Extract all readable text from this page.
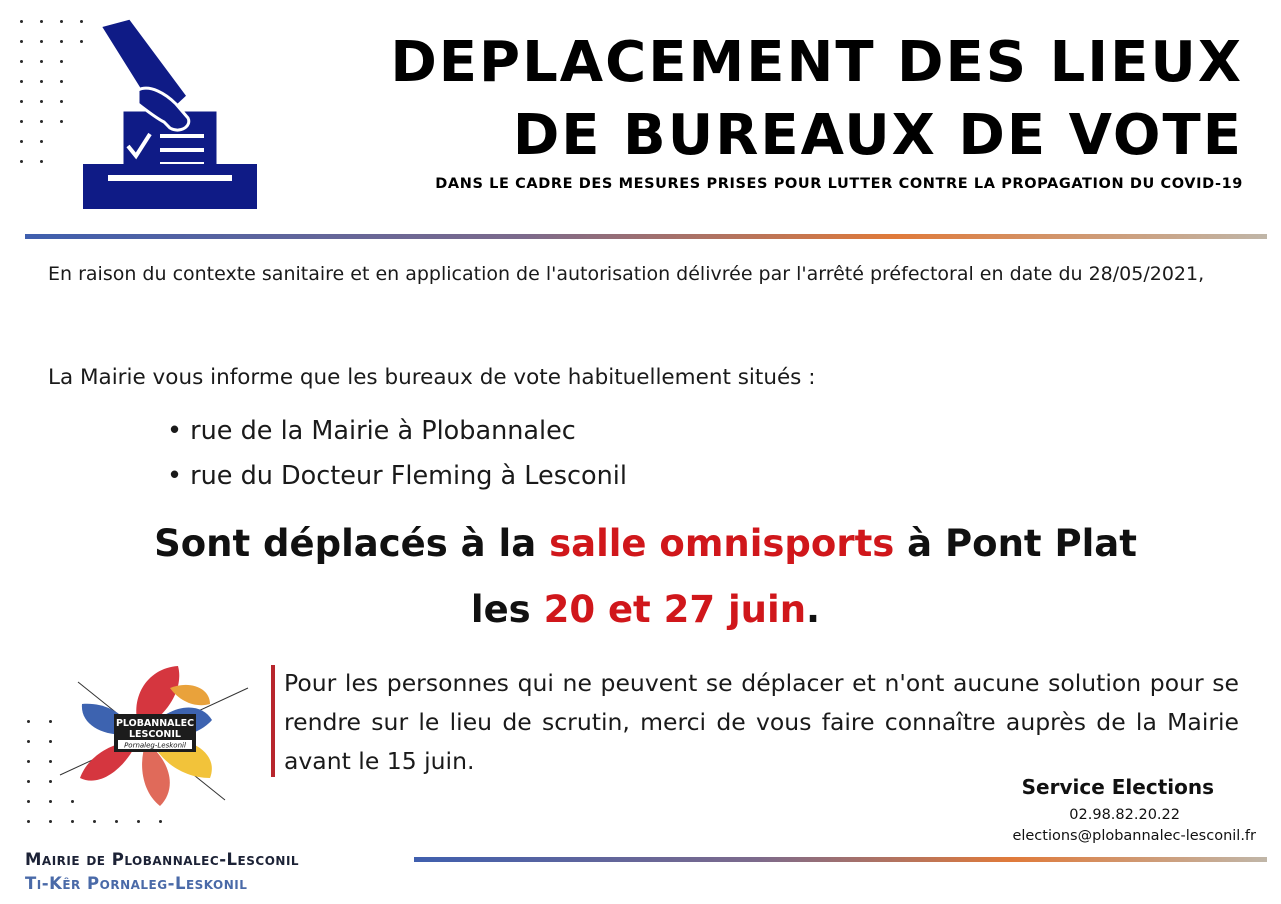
DEPLACEMENT DES LIEUX
DE BUREAUX DE VOTE
DANS LE CADRE DES MESURES PRISES POUR LUTTER CONTRE LA PROPAGATION DU COVID-19
En raison du contexte sanitaire et en application de l'autorisation délivrée par l'arrêté préfectoral en date du 28/05/2021,
La Mairie vous informe que les bureaux de vote habituellement situés :
• rue de la Mairie à Plobannalec
• rue du Docteur Fleming à Lesconil
Sont déplacés à la salle omnisports à Pont Plat
les 20 et 27 juin.
PLOBANNALEC
LESCONIL
Pornaleg-Leskonil
Pour les personnes qui ne peuvent se déplacer et n'ont aucune solution pour se rendre sur le lieu de scrutin, merci de vous faire connaître auprès de la Mairie avant le 15 juin.
Service Elections
02.98.82.20.22
elections@plobannalec-lesconil.fr
Mairie de Plobannalec-Lesconil
Ti-Kêr Pornaleg-Leskonil
